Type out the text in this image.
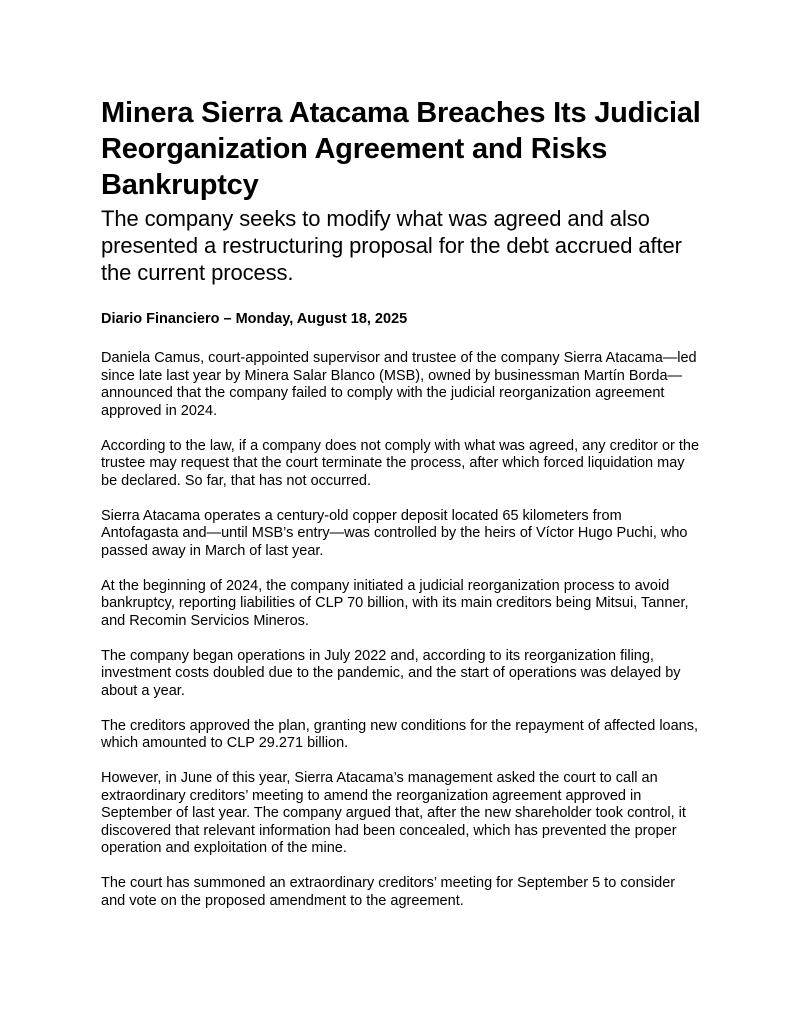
Minera Sierra Atacama Breaches Its Judicial Reorganization Agreement and Risks Bankruptcy
The company seeks to modify what was agreed and also presented a restructuring proposal for the debt accrued after the current process.
Diario Financiero – Monday, August 18, 2025

Daniela Camus, court-appointed supervisor and trustee of the company Sierra Atacama—led since late last year by Minera Salar Blanco (MSB), owned by businessman Martín Borda—announced that the company failed to comply with the judicial reorganization agreement approved in 2024.

According to the law, if a company does not comply with what was agreed, any creditor or the trustee may request that the court terminate the process, after which forced liquidation may be declared. So far, that has not occurred.

Sierra Atacama operates a century-old copper deposit located 65 kilometers from Antofagasta and—until MSB’s entry—was controlled by the heirs of Víctor Hugo Puchi, who passed away in March of last year.

At the beginning of 2024, the company initiated a judicial reorganization process to avoid bankruptcy, reporting liabilities of CLP 70 billion, with its main creditors being Mitsui, Tanner, and Recomin Servicios Mineros.

The company began operations in July 2022 and, according to its reorganization filing, investment costs doubled due to the pandemic, and the start of operations was delayed by about a year.

The creditors approved the plan, granting new conditions for the repayment of affected loans, which amounted to CLP 29.271 billion.

However, in June of this year, Sierra Atacama’s management asked the court to call an extraordinary creditors’ meeting to amend the reorganization agreement approved in September of last year. The company argued that, after the new shareholder took control, it discovered that relevant information had been concealed, which has prevented the proper operation and exploitation of the mine.

The court has summoned an extraordinary creditors’ meeting for September 5 to consider and vote on the proposed amendment to the agreement.
